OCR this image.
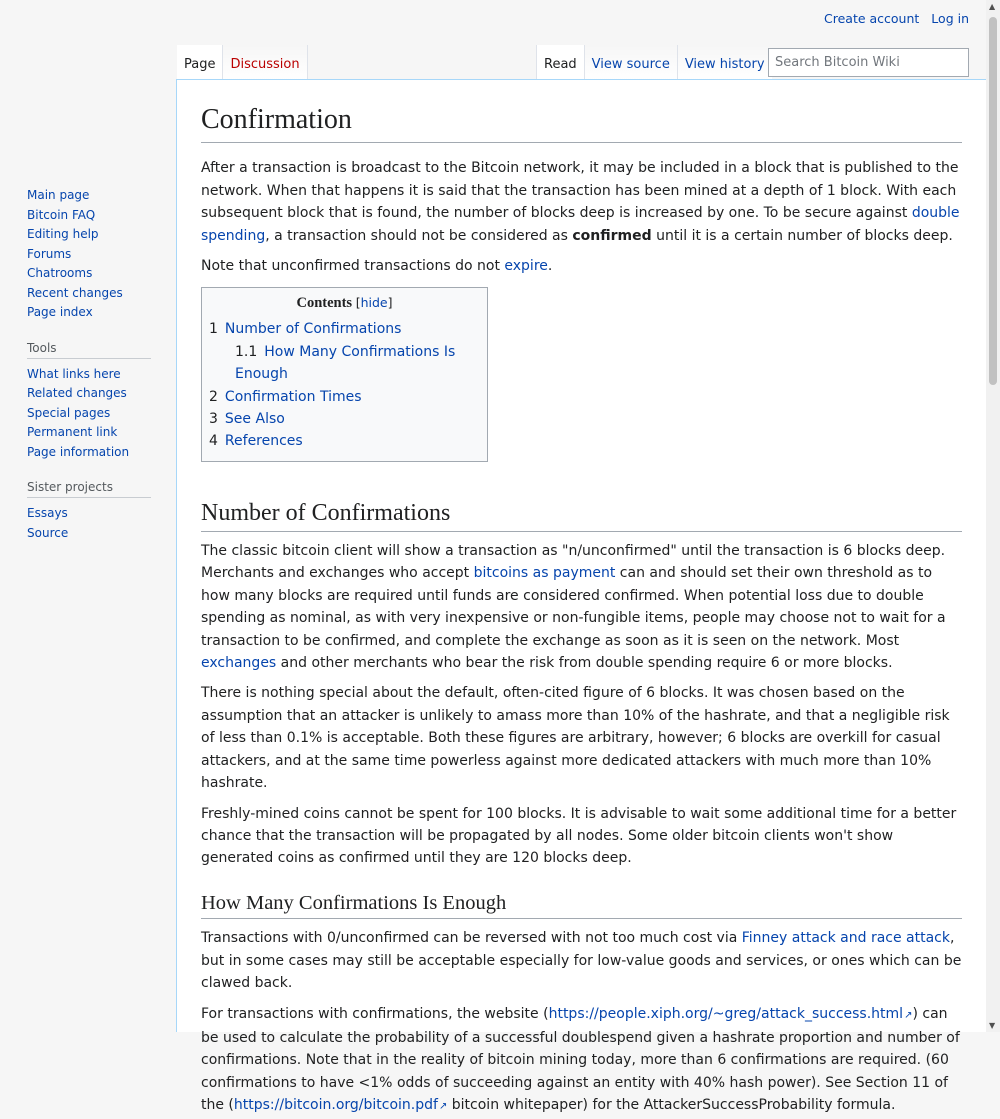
Create account Log in
Page	Discussion	Read	View source	View history
Search Bitcoin Wiki
Main page
Bitcoin FAQ
Editing help
Forums
Chatrooms
Recent changes
Page index
Tools
What links here
Related changes
Special pages
Permanent link
Page information
Sister projects
Essays
Source
Confirmation

After a transaction is broadcast to the Bitcoin network, it may be included in a block that is published to the network. When that happens it is said that the transaction has been mined at a depth of 1 block. With each subsequent block that is found, the number of blocks deep is increased by one. To be secure against double spending, a transaction should not be considered as confirmed until it is a certain number of blocks deep.

Note that unconfirmed transactions do not expire.

Contents [hide]
1 Number of Confirmations
1.1 How Many Confirmations Is Enough
2 Confirmation Times
3 See Also
4 References
Number of Confirmations

The classic bitcoin client will show a transaction as "n/unconfirmed" until the transaction is 6 blocks deep. Merchants and exchanges who accept bitcoins as payment can and should set their own threshold as to how many blocks are required until funds are considered confirmed. When potential loss due to double spending as nominal, as with very inexpensive or non-fungible items, people may choose not to wait for a transaction to be confirmed, and complete the exchange as soon as it is seen on the network. Most exchanges and other merchants who bear the risk from double spending require 6 or more blocks.

There is nothing special about the default, often-cited figure of 6 blocks. It was chosen based on the assumption that an attacker is unlikely to amass more than 10% of the hashrate, and that a negligible risk of less than 0.1% is acceptable. Both these figures are arbitrary, however; 6 blocks are overkill for casual attackers, and at the same time powerless against more dedicated attackers with much more than 10% hashrate.

Freshly-mined coins cannot be spent for 100 blocks. It is advisable to wait some additional time for a better chance that the transaction will be propagated by all nodes. Some older bitcoin clients won't show generated coins as confirmed until they are 120 blocks deep.

How Many Confirmations Is Enough

Transactions with 0/unconfirmed can be reversed with not too much cost via Finney attack and race attack, but in some cases may still be acceptable especially for low-value goods and services, or ones which can be clawed back.

For transactions with confirmations, the website (https://people.xiph.org/~greg/attack_success.html↗) can be used to calculate the probability of a successful doublespend given a hashrate proportion and number of confirmations. Note that in the reality of bitcoin mining today, more than 6 confirmations are required. (60 confirmations to have <1% odds of succeeding against an entity with 40% hash power). See Section 11 of the (https://bitcoin.org/bitcoin.pdf↗ bitcoin whitepaper) for the AttackerSuccessProbability formula.

▲
▼
